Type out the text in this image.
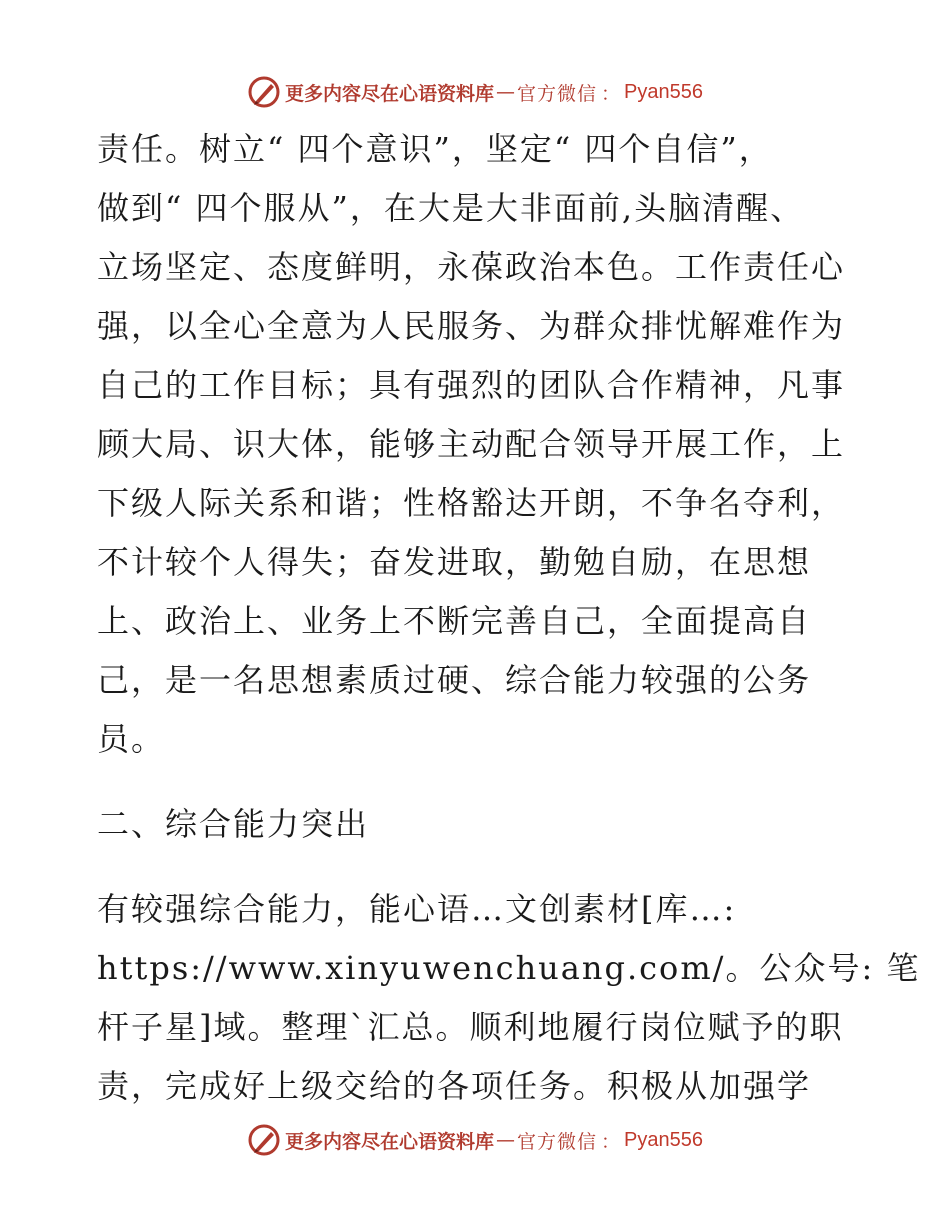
更多内容尽在心语资料库 — 官方微信 ： Pyan556
责任。树立“ 四个意识”，坚定“ 四个自信”，
做到“ 四个服从”，在大是大非面前,头脑清醒、
立场坚定、态度鲜明，永葆政治本色。工作责任心
强，以全心全意为人民服务、为群众排忧解难作为
自己的工作目标；具有强烈的团队合作精神，凡事
顾大局、识大体，能够主动配合领导开展工作，上
下级人际关系和谐；性格豁达开朗，不争名夺利，
不计较个人得失；奋发进取，勤勉自励，在思想
上、政治上、业务上不断完善自己，全面提高自
己，是一名思想素质过硬、综合能力较强的公务
员。
二、综合能力突出
有较强综合能力，能心语…文创素材[库…:
https://www.xinyuwenchuang.com/。公众号: 笔
杆子星]域。整理`汇总。顺利地履行岗位赋予的职
责，完成好上级交给的各项任务。积极从加强学
更多内容尽在心语资料库 — 官方微信 ： Pyan556
